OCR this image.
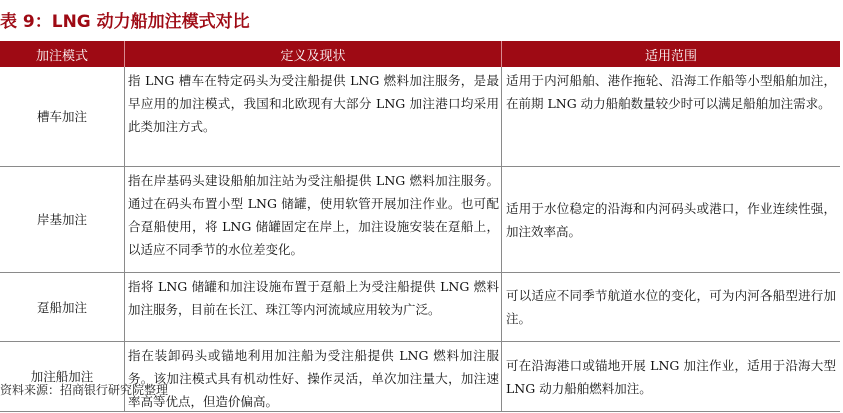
表 9：LNG 动力船加注模式对比
加注模式	定义及现状	适用范围
槽车加注
指 LNG 槽车在特定码头为受注船提供 LNG 燃料加注服务，是最早应用的加注模式，我国和北欧现有大部分 LNG 加注港口均采用此类加注方式。
适用于内河船舶、港作拖轮、沿海工作船等小型船舶加注，在前期 LNG 动力船舶数量较少时可以满足船舶加注需求。
岸基加注
指在岸基码头建设船舶加注站为受注船提供 LNG 燃料加注服务。通过在码头布置小型 LNG 储罐，使用软管开展加注作业。也可配合趸船使用，将 LNG 储罐固定在岸上，加注设施安装在趸船上，以适应不同季节的水位差变化。
适用于水位稳定的沿海和内河码头或港口，作业连续性强，加注效率高。
趸船加注
指将 LNG 储罐和加注设施布置于趸船上为受注船提供 LNG 燃料加注服务，目前在长江、珠江等内河流域应用较为广泛。
可以适应不同季节航道水位的变化，可为内河各船型进行加注。
加注船加注
指在装卸码头或锚地利用加注船为受注船提供 LNG 燃料加注服务。该加注模式具有机动性好、操作灵活，单次加注量大，加注速率高等优点，但造价偏高。
可在沿海港口或锚地开展 LNG 加注作业，适用于沿海大型 LNG 动力船舶燃料加注。
资料来源：招商银行研究院整理
